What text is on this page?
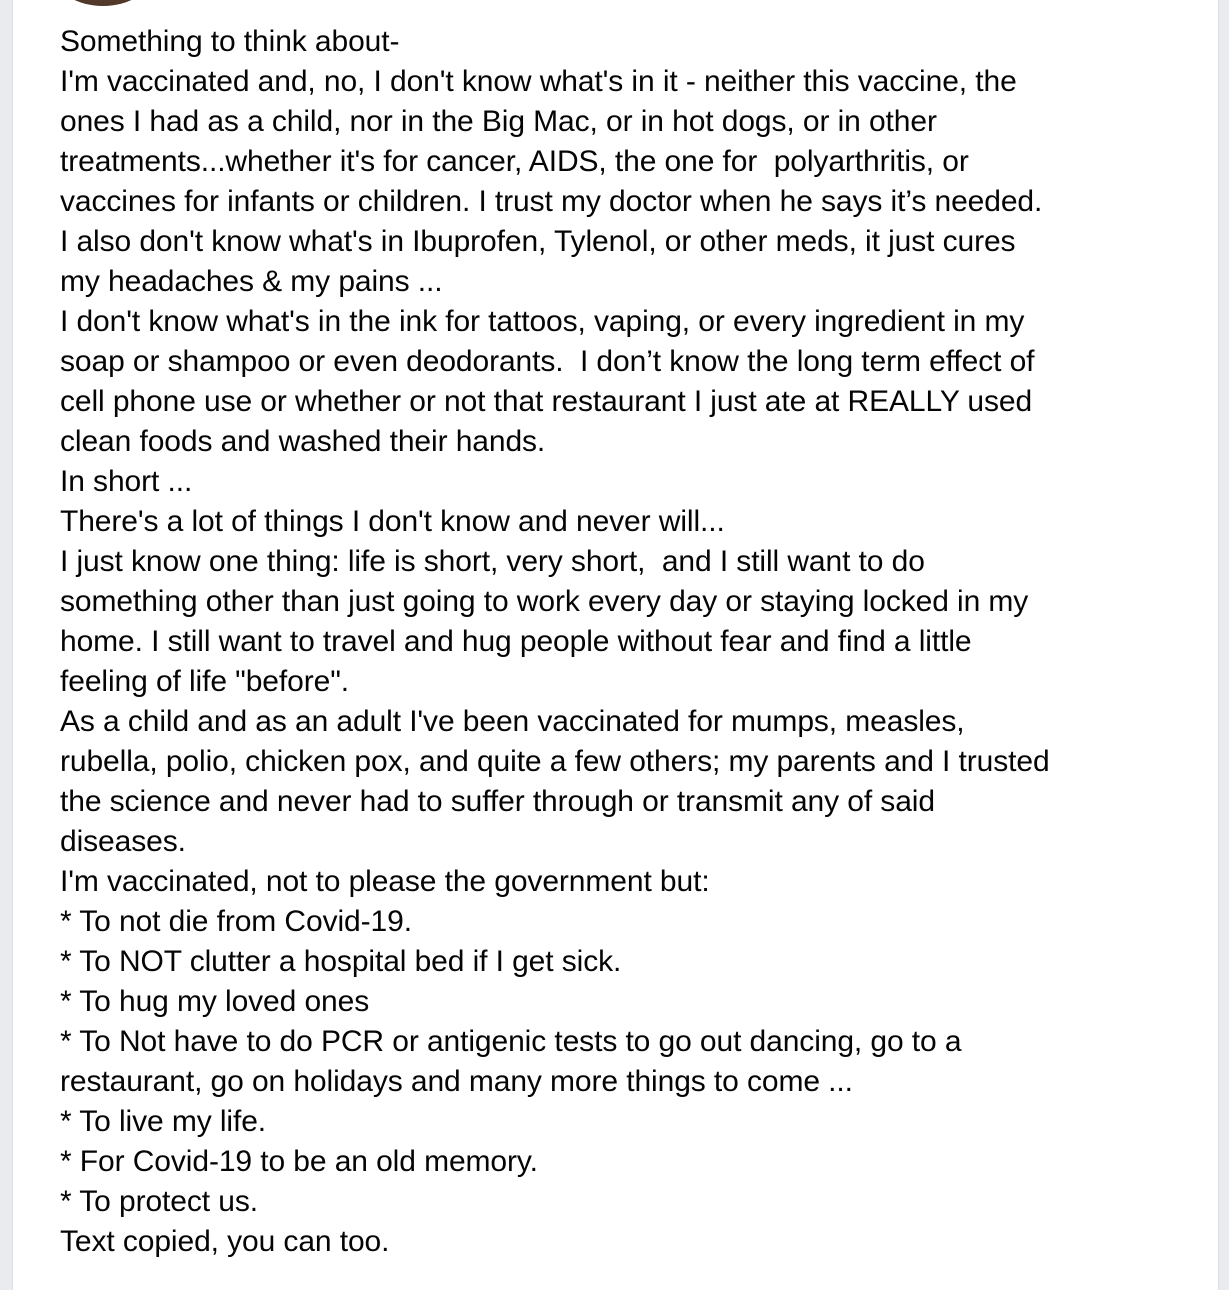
Something to think about-
I'm vaccinated and, no, I don't know what's in it - neither this vaccine, the
ones I had as a child, nor in the Big Mac, or in hot dogs, or in other
treatments...whether it's for cancer, AIDS, the one for  polyarthritis, or
vaccines for infants or children. I trust my doctor when he says it’s needed.
I also don't know what's in Ibuprofen, Tylenol, or other meds, it just cures
my headaches & my pains ...
I don't know what's in the ink for tattoos, vaping, or every ingredient in my
soap or shampoo or even deodorants.  I don’t know the long term effect of
cell phone use or whether or not that restaurant I just ate at REALLY used
clean foods and washed their hands.
In short ...
There's a lot of things I don't know and never will...
I just know one thing: life is short, very short,  and I still want to do
something other than just going to work every day or staying locked in my
home. I still want to travel and hug people without fear and find a little
feeling of life "before".
As a child and as an adult I've been vaccinated for mumps, measles,
rubella, polio, chicken pox, and quite a few others; my parents and I trusted
the science and never had to suffer through or transmit any of said
diseases.
I'm vaccinated, not to please the government but:
* To not die from Covid-19.
* To NOT clutter a hospital bed if I get sick.
* To hug my loved ones
* To Not have to do PCR or antigenic tests to go out dancing, go to a
restaurant, go on holidays and many more things to come ...
* To live my life.
* For Covid-19 to be an old memory.
* To protect us.
Text copied, you can too.
